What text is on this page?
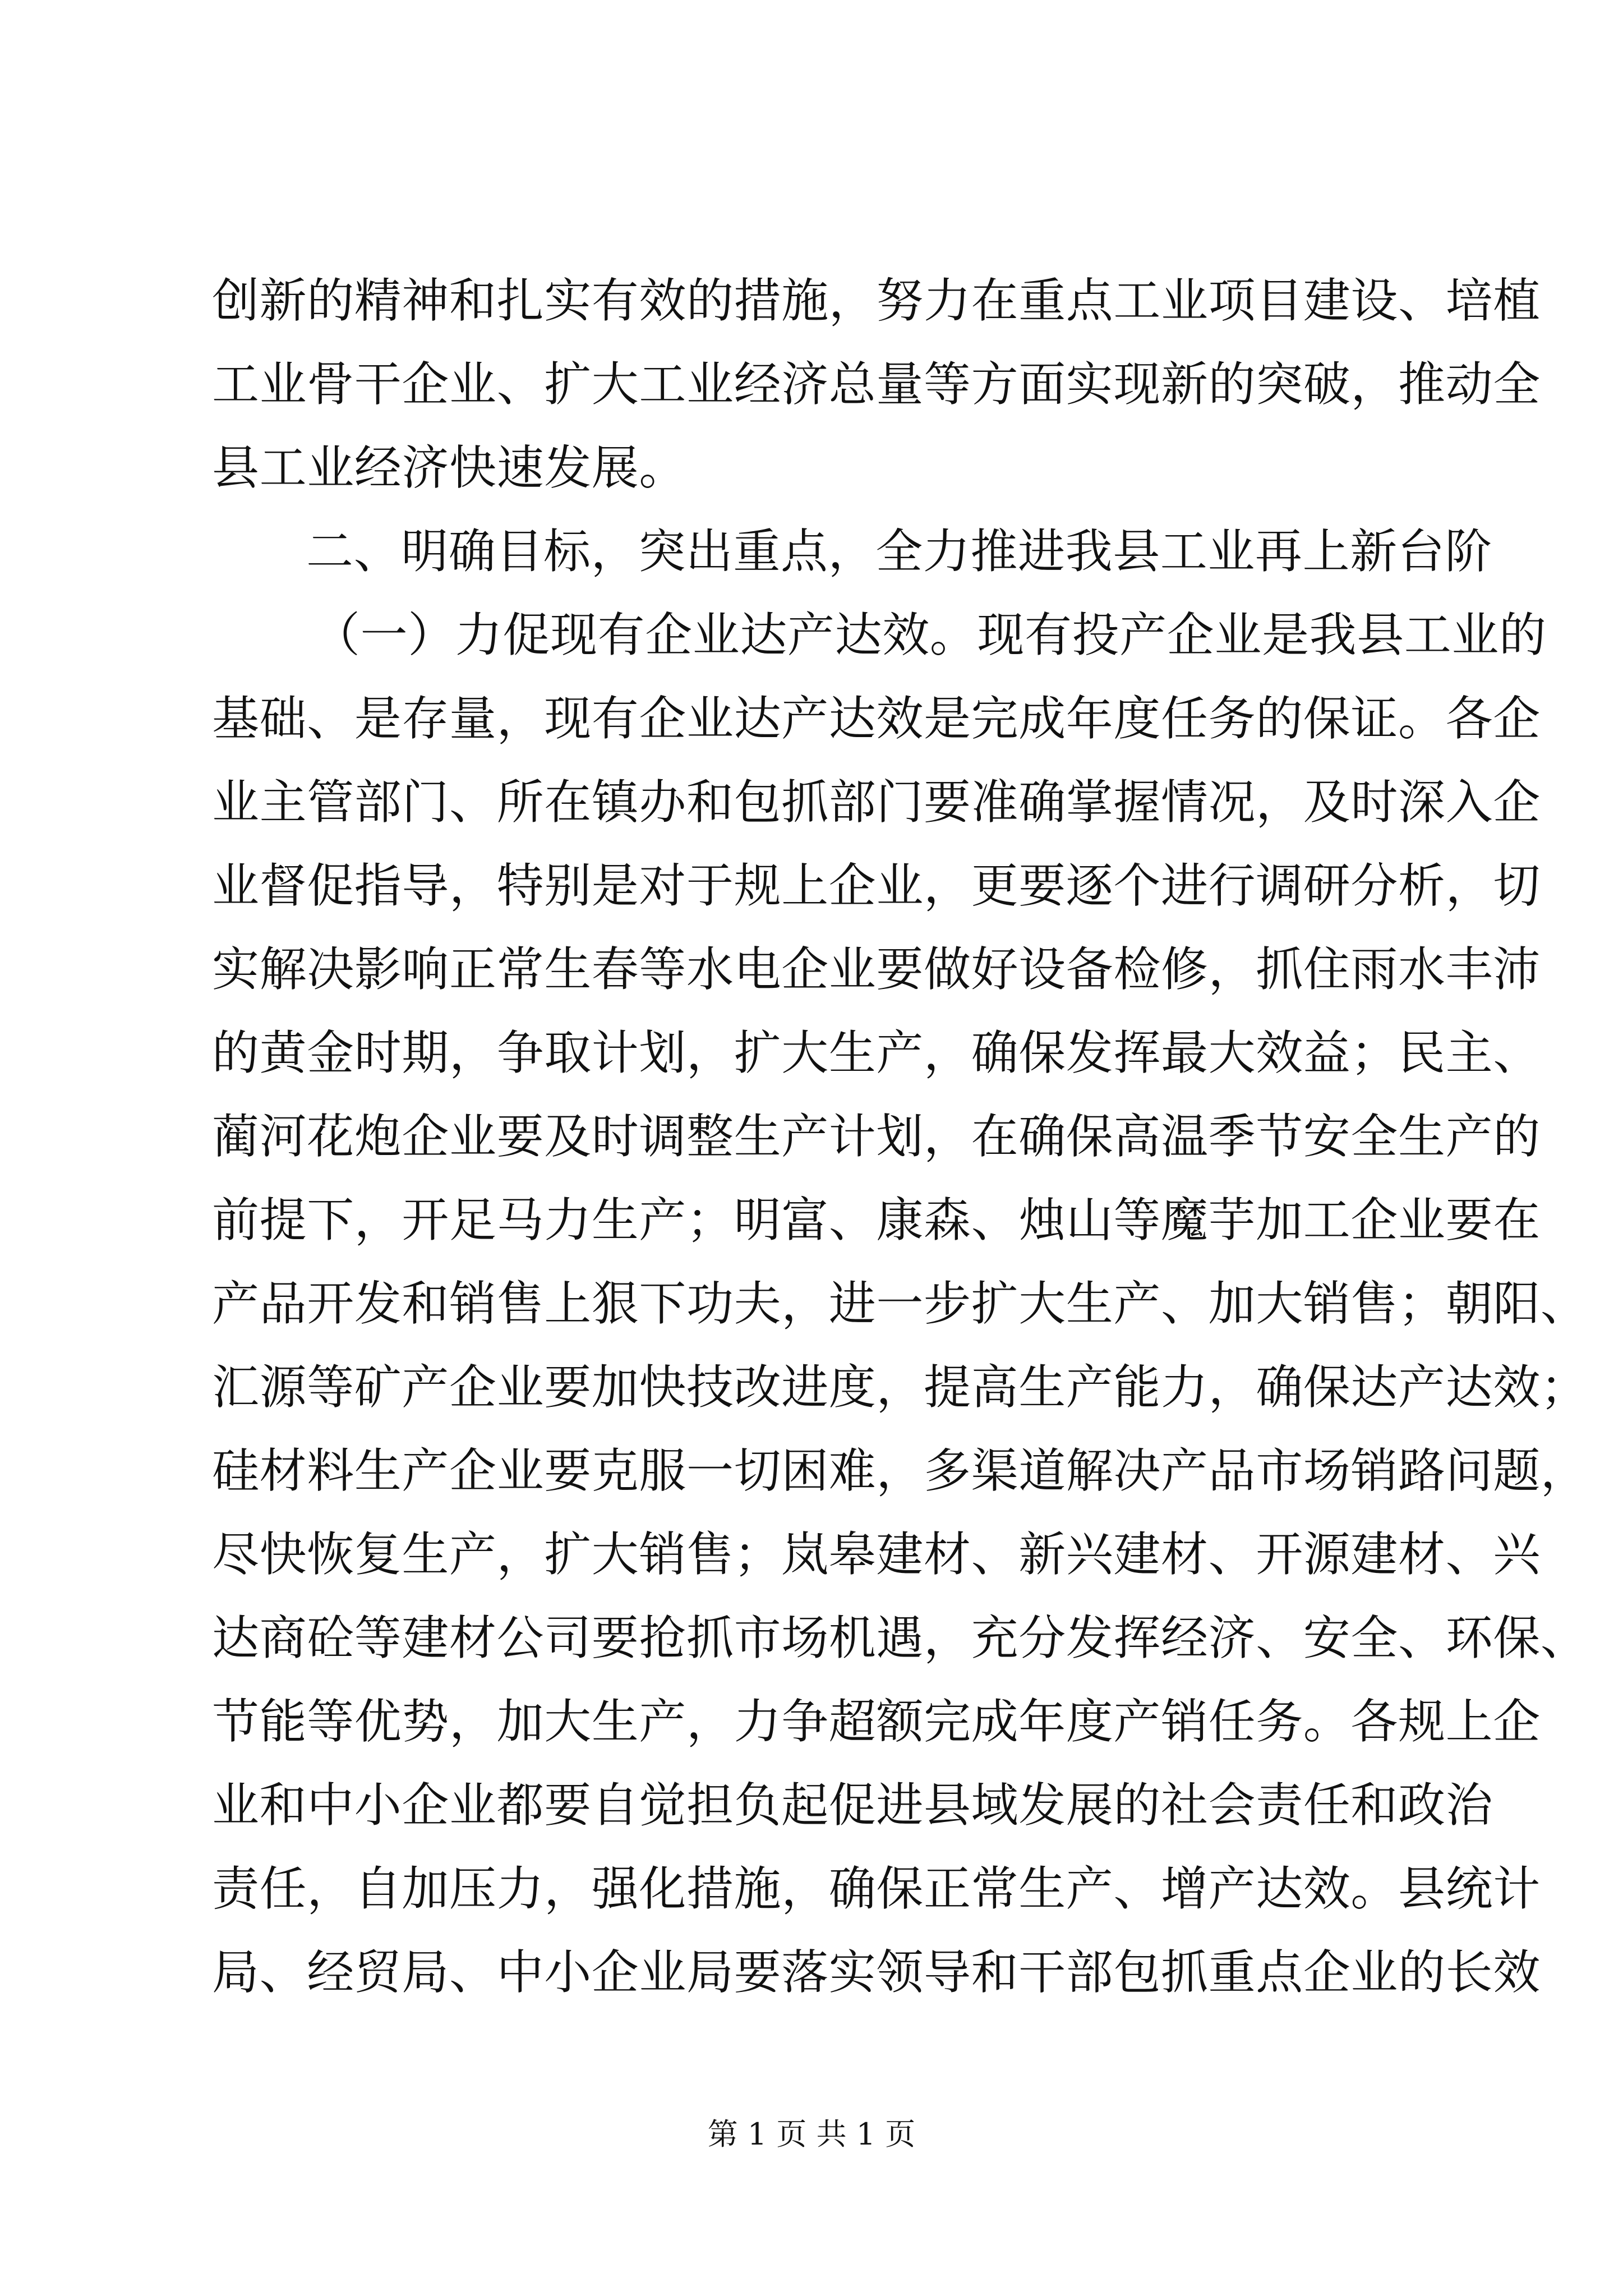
创新的精神和扎实有效的措施，努力在重点工业项目建设、培植
工业骨干企业、扩大工业经济总量等方面实现新的突破，推动全
县工业经济快速发展。
二、明确目标，突出重点，全力推进我县工业再上新台阶
（一）力促现有企业达产达效。现有投产企业是我县工业的
基础、是存量，现有企业达产达效是完成年度任务的保证。各企
业主管部门、所在镇办和包抓部门要准确掌握情况，及时深入企
业督促指导，特别是对于规上企业，更要逐个进行调研分析，切
实解决影响正常生春等水电企业要做好设备检修，抓住雨水丰沛
的黄金时期，争取计划，扩大生产，确保发挥最大效益；民主、
蔺河花炮企业要及时调整生产计划，在确保高温季节安全生产的
前提下，开足马力生产；明富、康森、烛山等魔芋加工企业要在
产品开发和销售上狠下功夫，进一步扩大生产、加大销售；朝阳、
汇源等矿产企业要加快技改进度，提高生产能力，确保达产达效；
硅材料生产企业要克服一切困难，多渠道解决产品市场销路问题，
尽快恢复生产，扩大销售；岚皋建材、新兴建材、开源建材、兴
达商砼等建材公司要抢抓市场机遇，充分发挥经济、安全、环保、
节能等优势，加大生产，力争超额完成年度产销任务。各规上企
业和中小企业都要自觉担负起促进县域发展的社会责任和政治
责任，自加压力，强化措施，确保正常生产、增产达效。县统计
局、经贸局、中小企业局要落实领导和干部包抓重点企业的长效
第 1 页 共 1 页
